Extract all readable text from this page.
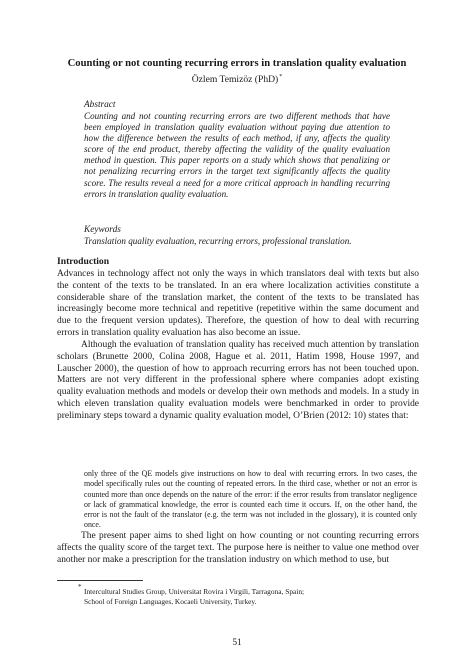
Counting or not counting recurring errors in translation quality evaluation
Özlem Temizöz (PhD)*
Abstract

Counting and not counting recurring errors are two different methods that have been employed in translation quality evaluation without paying due attention to how the difference between the results of each method, if any, affects the quality score of the end product, thereby affecting the validity of the quality evaluation method in question. This paper reports on a study which shows that penalizing or not penalizing recurring errors in the target text significantly affects the quality score. The results reveal a need for a more critical approach in handling recurring errors in translation quality evaluation.

Keywords

Translation quality evaluation, recurring errors, professional translation.

Introduction

Advances in technology affect not only the ways in which translators deal with texts but also the content of the texts to be translated. In an era where localization activities constitute a considerable share of the translation market, the content of the texts to be translated has increasingly become more technical and repetitive (repetitive within the same document and due to the frequent version updates). Therefore, the question of how to deal with recurring errors in translation quality evaluation has also become an issue.

Although the evaluation of translation quality has received much attention by translation scholars (Brunette 2000, Colina 2008, Hague et al. 2011, Hatim 1998, House 1997, and Lauscher 2000), the question of how to approach recurring errors has not been touched upon. Matters are not very different in the professional sphere where companies adopt existing quality evaluation methods and models or develop their own methods and models. In a study in which eleven translation quality evaluation models were benchmarked in order to provide preliminary steps toward a dynamic quality evaluation model, O’Brien (2012: 10) states that:

only three of the QE models give instructions on how to deal with recurring errors. In two cases, the model specifically rules out the counting of repeated errors. In the third case, whether or not an error is counted more than once depends on the nature of the error: if the error results from translator negligence or lack of grammatical knowledge, the error is counted each time it occurs. If, on the other hand, the error is not the fault of the translator (e.g. the term was not included in the glossary), it is counted only once.

The present paper aims to shed light on how counting or not counting recurring errors affects the quality score of the target text. The purpose here is neither to value one method over another nor make a prescription for the translation industry on which method to use, but

* Intercultural Studies Group, Universitat Rovira i Virgili, Tarragona, Spain;

School of Foreign Languages, Kocaeli University, Turkey.

51
